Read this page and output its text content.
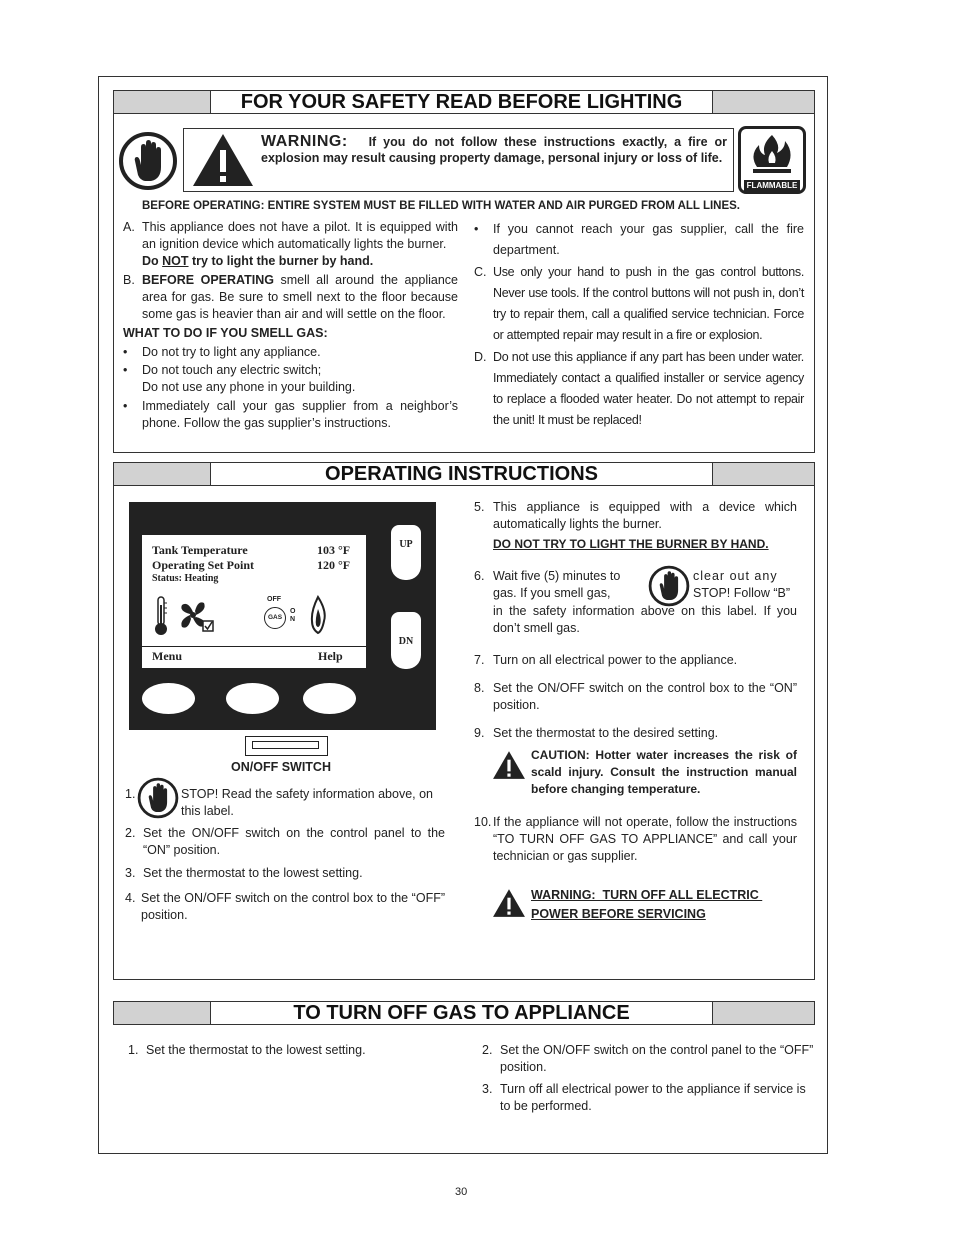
FOR YOUR SAFETY READ BEFORE LIGHTING
WARNING: If you do not follow these instructions exactly, a fire or explosion may result causing property damage, personal injury or loss of life.
FLAMMABLE
BEFORE OPERATING: ENTIRE SYSTEM MUST BE FILLED WITH WATER AND AIR PURGED FROM ALL LINES.
A. This appliance does not have a pilot. It is equipped with an ignition device which automatically lights the burner.
Do NOT try to light the burner by hand.
B. BEFORE OPERATING smell all around the appliance area for gas. Be sure to smell next to the floor because some gas is heavier than air and will settle on the floor.
WHAT TO DO IF YOU SMELL GAS:
• Do not try to light any appliance.
• Do not touch any electric switch;
Do not use any phone in your building.
• Immediately call your gas supplier from a neighbor’s phone. Follow the gas supplier’s instructions.
• If you cannot reach your gas supplier, call the fire department.
C. Use only your hand to push in the gas control buttons. Never use tools. If the control buttons will not push in, don’t try to repair them, call a qualified service technician. Force or attempted repair may result in a fire or explosion.
D. Do not use this appliance if any part has been under water. Immediately contact a qualified installer or service agency to replace a flooded water heater. Do not attempt to repair the unit! It must be replaced!
OPERATING INSTRUCTIONS
Tank Temperature	103 °F
Operating Set Point	120 °F
Status: Heating
OFF
GAS
O
N
Menu	Help
UP
DN
ON/OFF SWITCH
1.	STOP! Read the safety information above, on this label.
2. Set the ON/OFF switch on the control panel to the “ON” position.
3. Set the thermostat to the lowest setting.
4. Set the ON/OFF switch on the control box to the “OFF” position.
5. This appliance is equipped with a device which automatically lights the burner.
DO NOT TRY TO LIGHT THE BURNER BY HAND.
6. Wait five (5) minutes to	clear out any
gas. If you smell gas,	STOP! Follow “B”
in the safety information above on this label. If you don’t smell gas.
7. Turn on all electrical power to the appliance.
8. Set the ON/OFF switch on the control box to the “ON” position.
9. Set the thermostat to the desired setting.
CAUTION: Hotter water increases the risk of scald injury. Consult the instruction manual before changing temperature.
10. If the appliance will not operate, follow the instructions “TO TURN OFF GAS TO APPLIANCE” and call your technician or gas supplier.
WARNING:  TURN OFF ALL ELECTRIC
POWER BEFORE SERVICING
TO TURN OFF GAS TO APPLIANCE
1. Set the thermostat to the lowest setting.	2. Set the ON/OFF switch on the control panel to the “OFF” position.
3. Turn off all electrical power to the appliance if service is to be performed.
30
